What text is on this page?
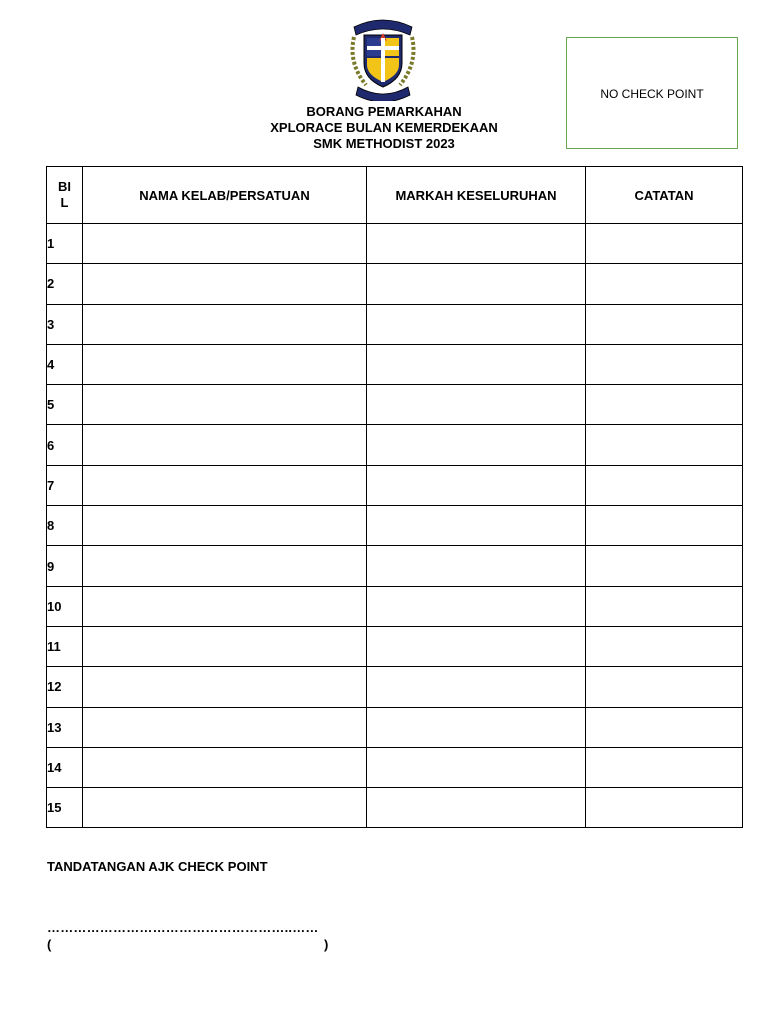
NO CHECK POINT
BORANG PEMARKAHAN
XPLORACE BULAN KEMERDEKAAN
SMK METHODIST 2023
BI
L	NAMA KELAB/PERSATUAN	MARKAH KESELURUHAN	CATATAN
1			
2			
3			
4			
5			
6			
7			
8			
9			
10			
11			
12			
13			
14			
15			
TANDATANGAN AJK CHECK POINT
………………………………………………..……
(	)
